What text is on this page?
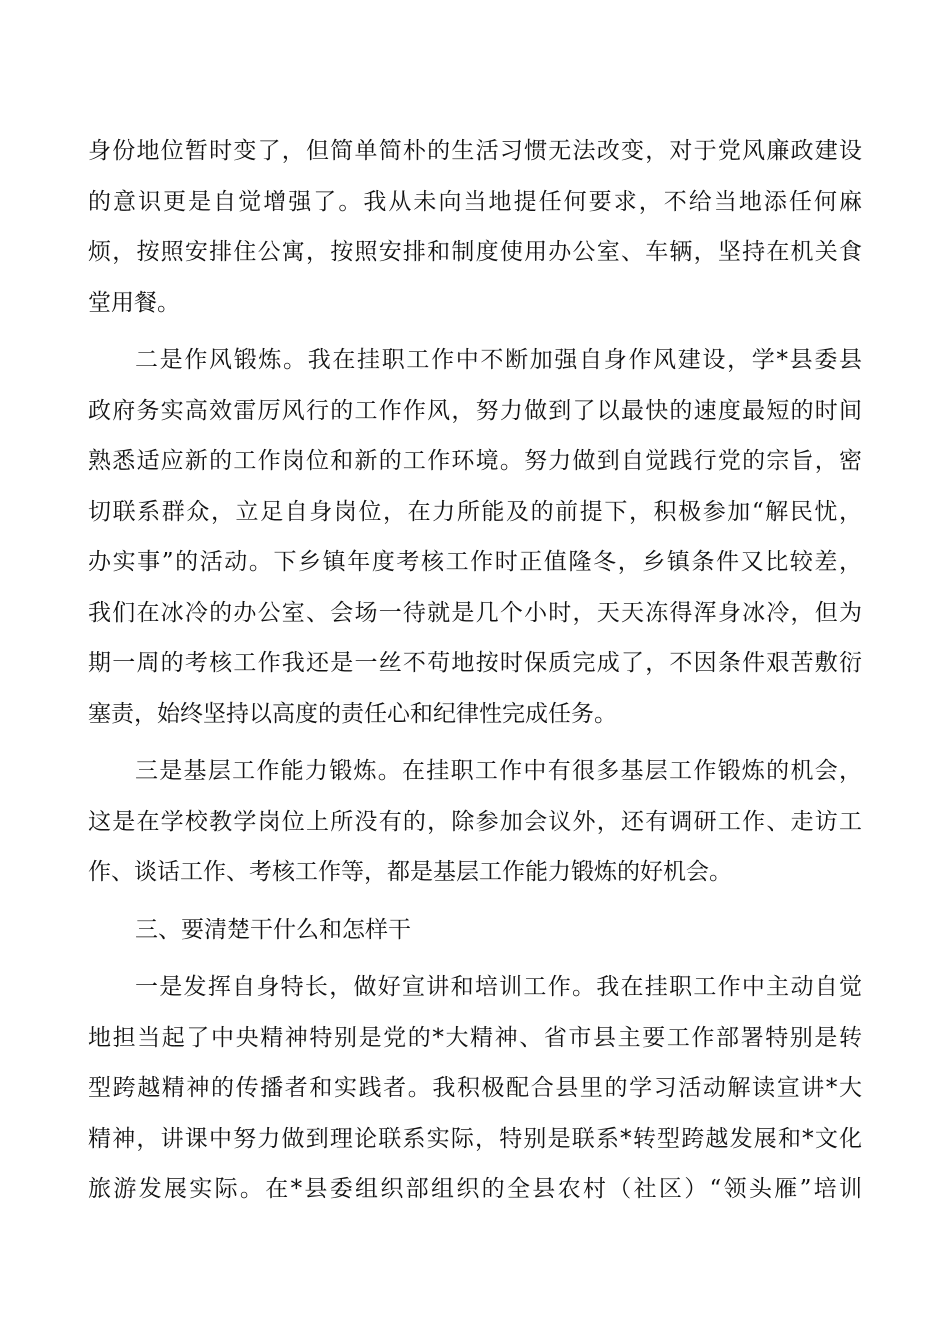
身份地位暂时变了，但简单简朴的生活习惯无法改变，对于党风廉政建设
的意识更是自觉增强了。我从未向当地提任何要求，不给当地添任何麻
烦，按照安排住公寓，按照安排和制度使用办公室、车辆，坚持在机关食
堂用餐。
二是作风锻炼。我在挂职工作中不断加强自身作风建设，学*县委县
政府务实高效雷厉风行的工作作风，努力做到了以最快的速度最短的时间
熟悉适应新的工作岗位和新的工作环境。努力做到自觉践行党的宗旨，密
切联系群众，立足自身岗位，在力所能及的前提下，积极参加“解民忧，
办实事”的活动。下乡镇年度考核工作时正值隆冬，乡镇条件又比较差，
我们在冰冷的办公室、会场一待就是几个小时，天天冻得浑身冰冷，但为
期一周的考核工作我还是一丝不苟地按时保质完成了，不因条件艰苦敷衍
塞责，始终坚持以高度的责任心和纪律性完成任务。
三是基层工作能力锻炼。在挂职工作中有很多基层工作锻炼的机会，
这是在学校教学岗位上所没有的，除参加会议外，还有调研工作、走访工
作、谈话工作、考核工作等，都是基层工作能力锻炼的好机会。
三、要清楚干什么和怎样干
一是发挥自身特长，做好宣讲和培训工作。我在挂职工作中主动自觉
地担当起了中央精神特别是党的*大精神、省市县主要工作部署特别是转
型跨越精神的传播者和实践者。我积极配合县里的学习活动解读宣讲*大
精神，讲课中努力做到理论联系实际，特别是联系*转型跨越发展和*文化
旅游发展实际。在*县委组织部组织的全县农村（社区）“领头雁”培训
